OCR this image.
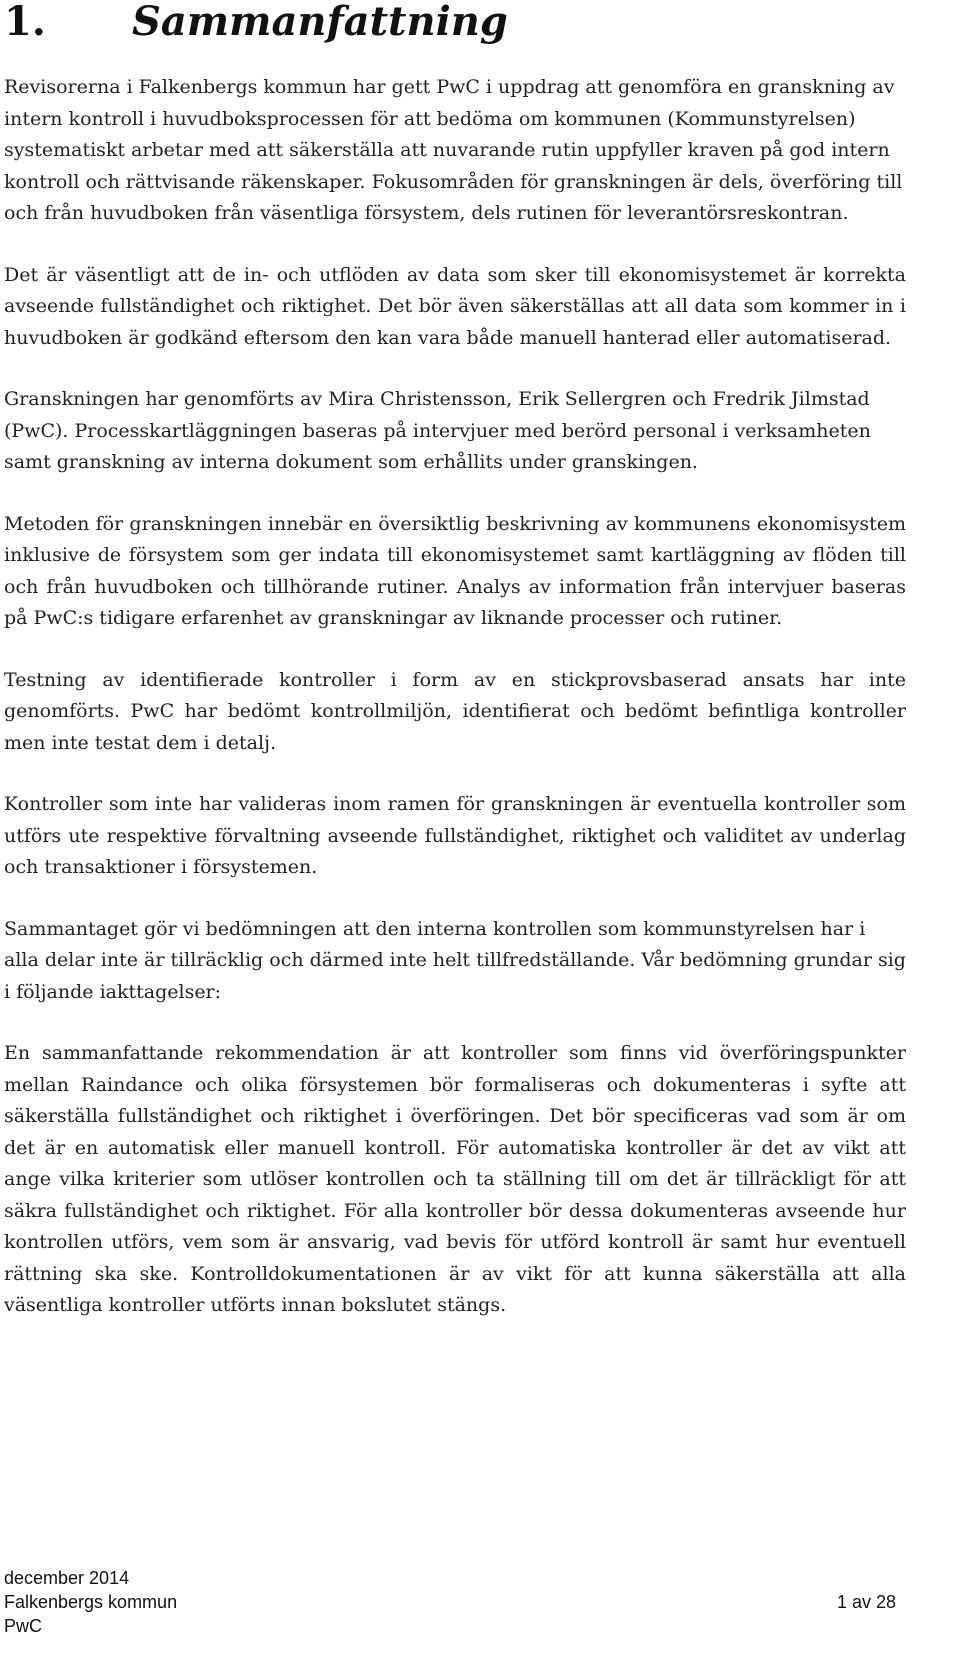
1. Sammanfattning

Revisorerna i Falkenbergs kommun har gett PwC i uppdrag att genomföra en granskning av intern kontroll i huvudboksprocessen för att bedöma om kommunen (Kommunstyrelsen) systematiskt arbetar med att säkerställa att nuvarande rutin uppfyller kraven på god intern kontroll och rättvisande räkenskaper. Fokusområden för granskningen är dels, överföring till och från huvudboken från väsentliga försystem, dels rutinen för leverantörsreskontran.

Det är väsentligt att de in- och utflöden av data som sker till ekonomisystemet är korrekta avseende fullständighet och riktighet. Det bör även säkerställas att all data som kommer in i huvudboken är godkänd eftersom den kan vara både manuell hanterad eller automatiserad.

Granskningen har genomförts av Mira Christensson, Erik Sellergren och Fredrik Jilmstad (PwC). Processkartläggningen baseras på intervjuer med berörd personal i verksamheten samt granskning av interna dokument som erhållits under granskingen.

Metoden för granskningen innebär en översiktlig beskrivning av kommunens ekonomisystem inklusive de försystem som ger indata till ekonomisystemet samt kartläggning av flöden till och från huvudboken och tillhörande rutiner. Analys av information från intervjuer baseras på PwC:s tidigare erfarenhet av granskningar av liknande processer och rutiner.

Testning av identifierade kontroller i form av en stickprovsbaserad ansats har inte genomförts. PwC har bedömt kontrollmiljön, identifierat och bedömt befintliga kontroller men inte testat dem i detalj.

Kontroller som inte har valideras inom ramen för granskningen är eventuella kontroller som utförs ute respektive förvaltning avseende fullständighet, riktighet och validitet av underlag och transaktioner i försystemen.

Sammantaget gör vi bedömningen att den interna kontrollen som kommunstyrelsen har i alla delar inte är tillräcklig och därmed inte helt tillfredställande. Vår bedömning grundar sig i följande iakttagelser:

En sammanfattande rekommendation är att kontroller som finns vid överföringspunkter mellan Raindance och olika försystemen bör formaliseras och dokumenteras i syfte att säkerställa fullständighet och riktighet i överföringen. Det bör specificeras vad som är om det är en automatisk eller manuell kontroll. För automatiska kontroller är det av vikt att ange vilka kriterier som utlöser kontrollen och ta ställning till om det är tillräckligt för att säkra fullständighet och riktighet. För alla kontroller bör dessa dokumenteras avseende hur kontrollen utförs, vem som är ansvarig, vad bevis för utförd kontroll är samt hur eventuell rättning ska ske. Kontrolldokumentationen är av vikt för att kunna säkerställa att alla väsentliga kontroller utförts innan bokslutet stängs.

december 2014
Falkenbergs kommun	1 av 28
PwC
